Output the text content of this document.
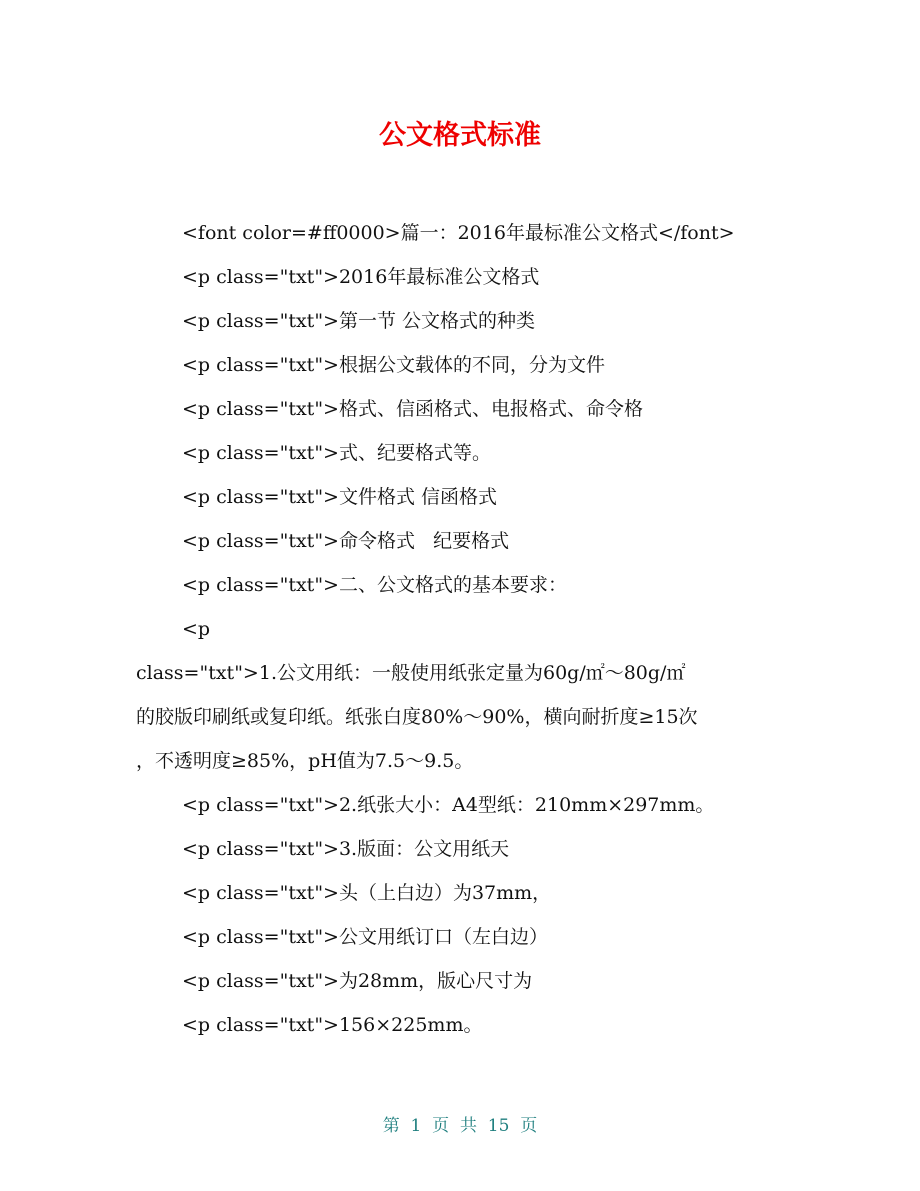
公文格式标准

<font color=#ff0000>篇一：2016年最标准公文格式</font>

<p class="txt">2016年最标准公文格式

<p class="txt">第一节 公文格式的种类

<p class="txt">根据公文载体的不同，分为文件

<p class="txt">格式、信函格式、电报格式、命令格

<p class="txt">式、纪要格式等。

<p class="txt">文件格式 信函格式

<p class="txt">命令格式   纪要格式

<p class="txt">二、公文格式的基本要求：

<p

class="txt">1.公文用纸：一般使用纸张定量为60g/㎡～80g/㎡

的胶版印刷纸或复印纸。纸张白度80%～90%，横向耐折度≥15次

，不透明度≥85%，pH值为7.5～9.5。

<p class="txt">2.纸张大小：A4型纸：210mm×297mm。

<p class="txt">3.版面：公文用纸天

<p class="txt">头（上白边）为37mm，

<p class="txt">公文用纸订口（左白边）

<p class="txt">为28mm，版心尺寸为

<p class="txt">156×225mm。

第  1  页  共  15  页
